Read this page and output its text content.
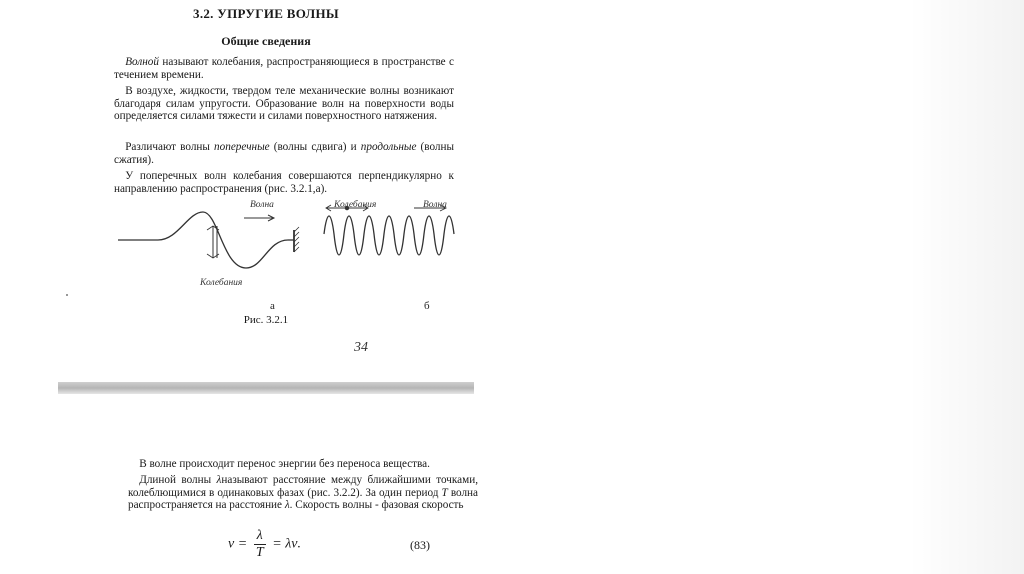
3.2. УПРУГИЕ ВОЛНЫ
Общие сведения
 Волной называют колебания, распространяющиеся в пространстве с течением времени.
 В воздухе, жидкости, твердом теле механические волны возникают благодаря силам упругости. Образование волн на поверхности воды определяется силами тяжести и силами поверхностного натяжения.
 Различают волны поперечные (волны сдвига) и продольные (волны сжатия).
 У поперечных волн колебания совершаются перпендикулярно к направлению распространения (рис. 3.2.1,а).
Волна	Колебания	Волна
Колебания
а	б
Рис. 3.2.1
34
 В волне происходит перенос энергии без переноса вещества.
 Длиной волны λназывают расстояние между ближайшими точками, колеблющимися в одинаковых фазах (рис. 3.2.2). За один период T волна распространяется на расстояние λ. Скорость волны - фазовая скорость
$v = \frac{\lambda}{T} = \lambda\nu$.	(83)
